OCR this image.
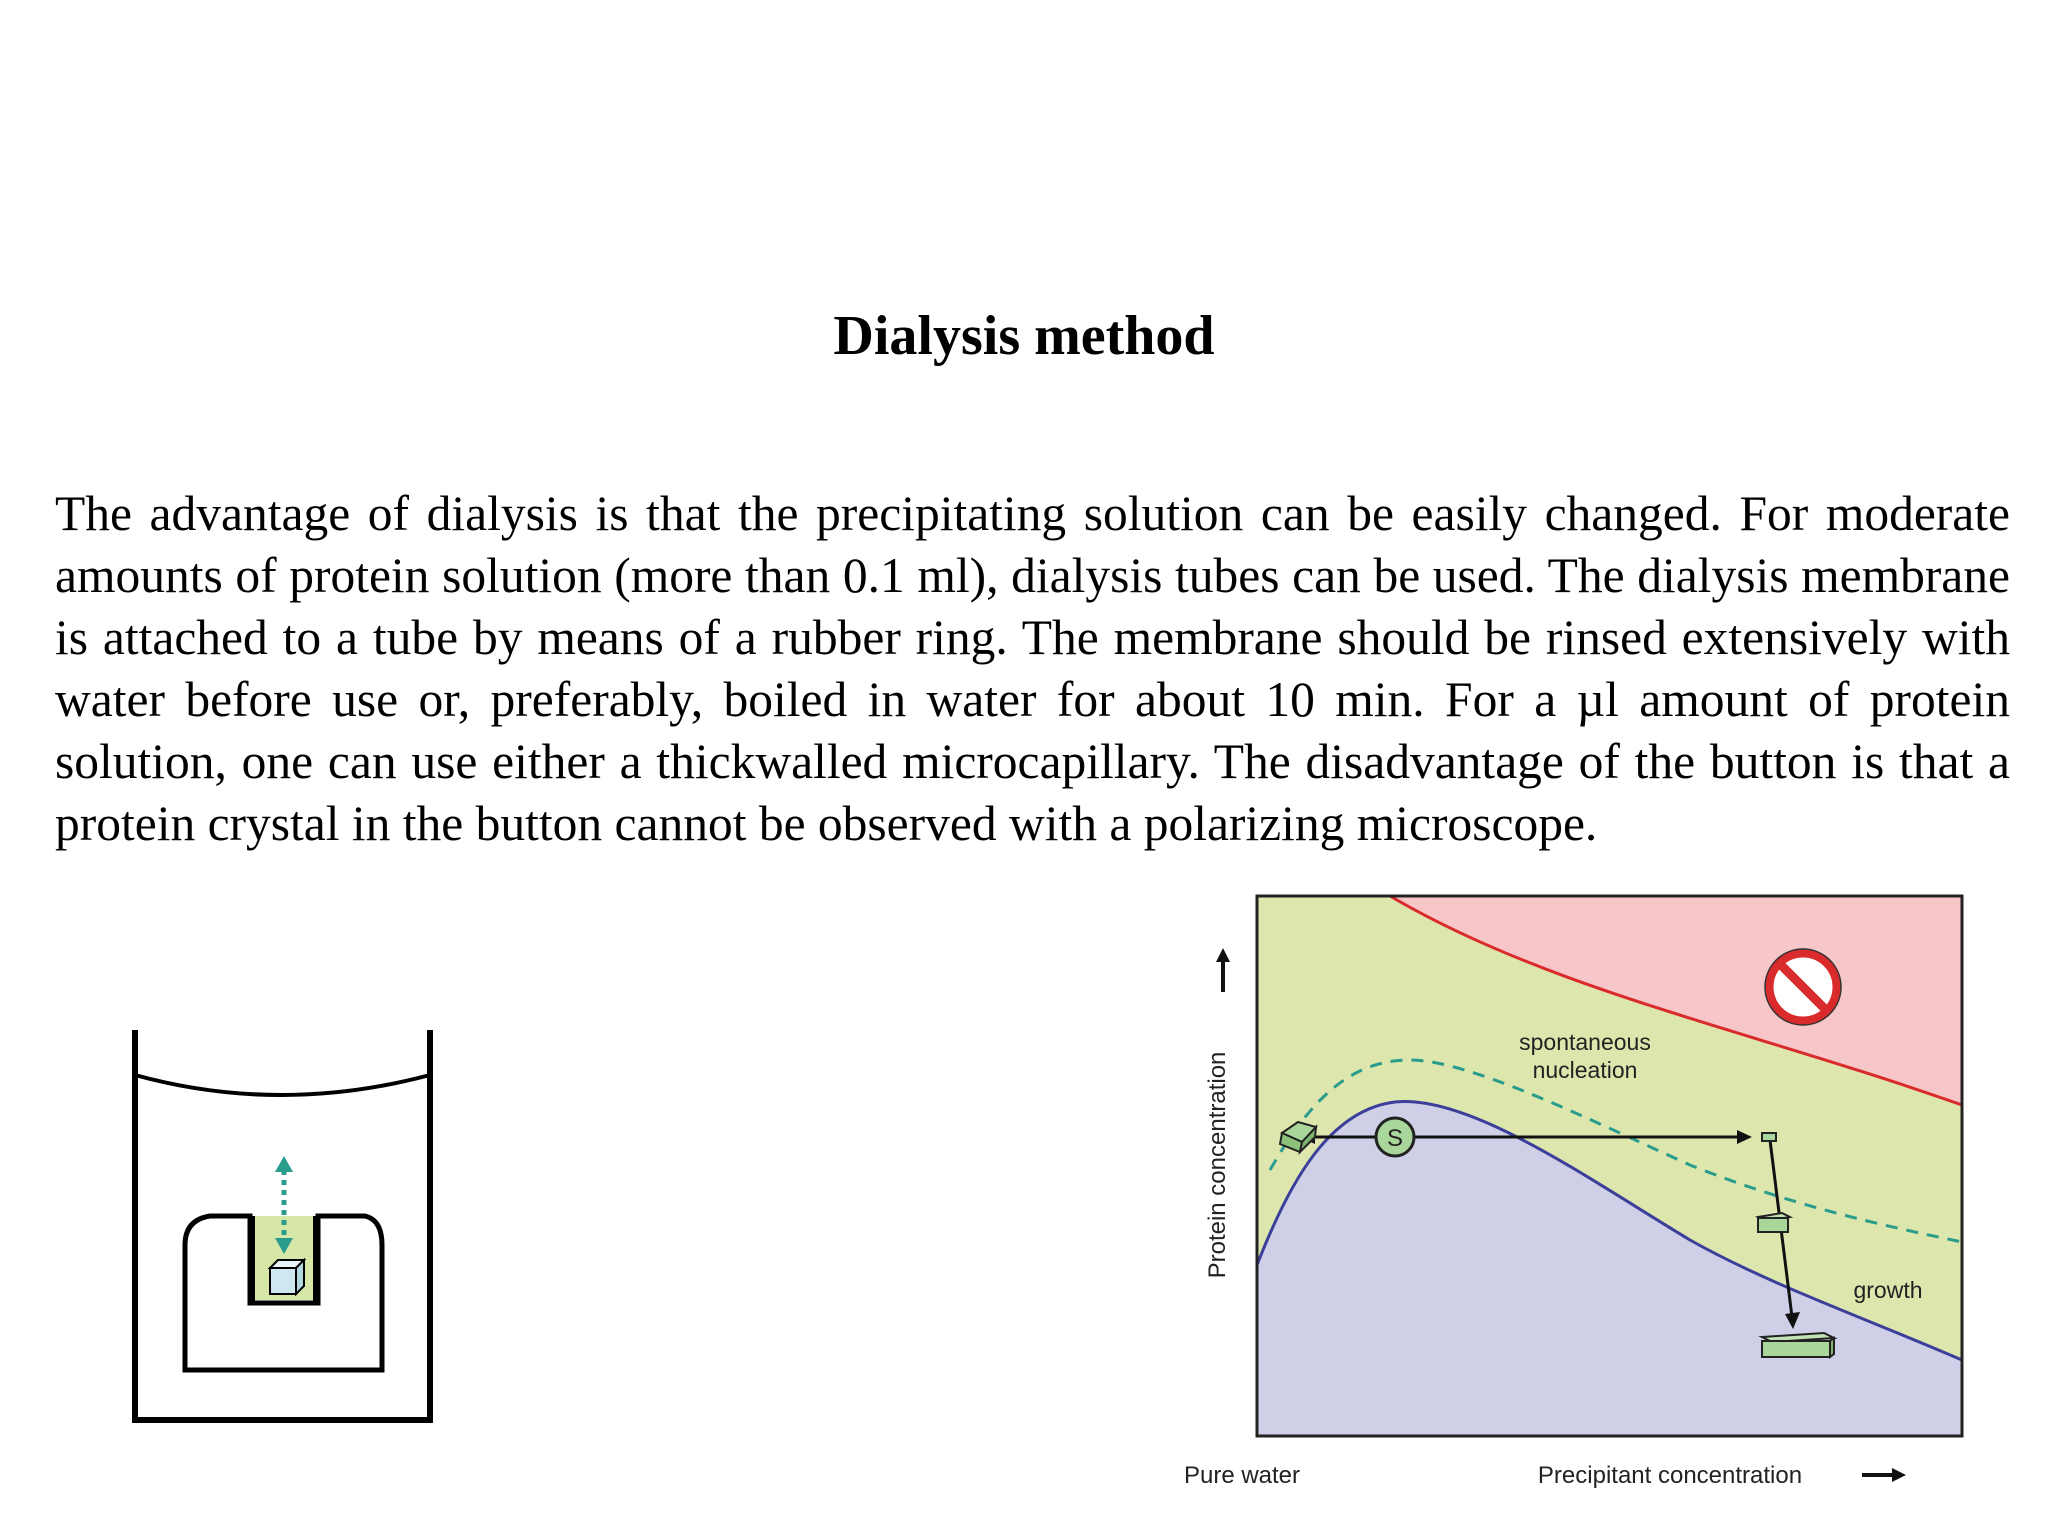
Dialysis method

The advantage of dialysis is that the precipitating solution can be easily changed. For moderate amounts of protein solution (more than 0.1 ml), dialysis tubes can be used. The dialysis membrane is attached to a tube by means of a rubber ring. The membrane should be rinsed extensively with water before use or, preferably, boiled in water for about 10 min. For a µl amount of protein solution, one can use either a thickwalled microcapillary. The disadvantage of the button is that a protein crystal in the button cannot be observed with a polarizing microscope.

spontaneous
nucleation
growth
S
Protein concentration
Pure water	Precipitant concentration
